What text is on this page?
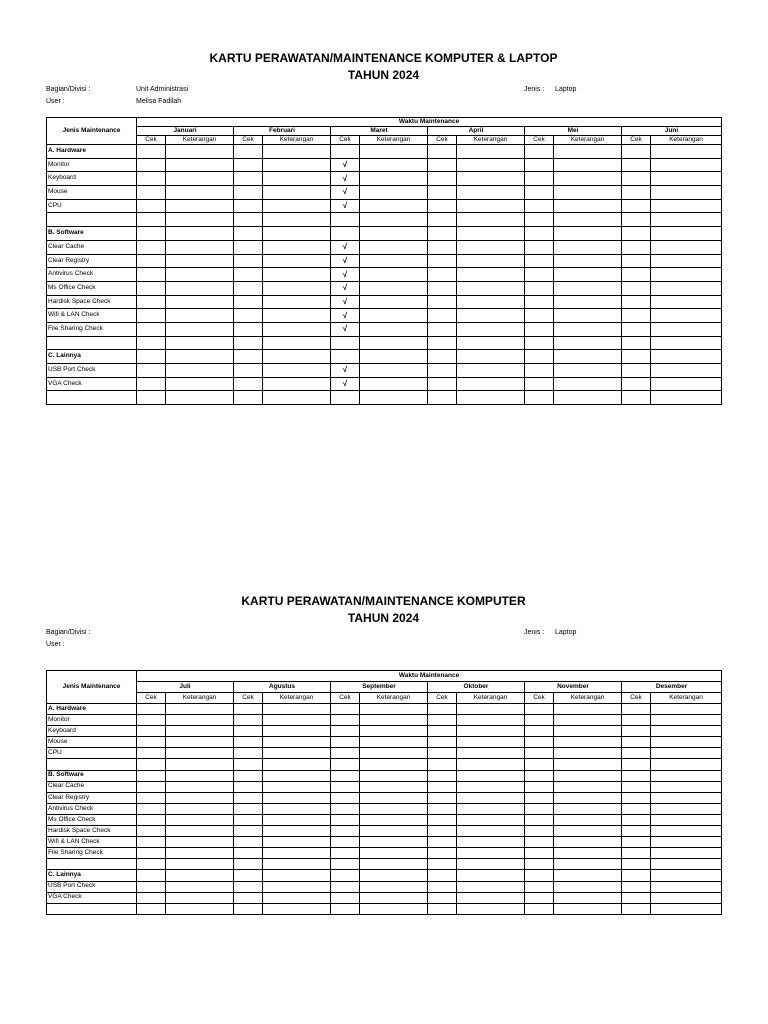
KARTU PERAWATAN/MAINTENANCE KOMPUTER & LAPTOP
TAHUN 2024
Bagian/Divisi :	Unit Administrasi	Jenis : Laptop
User :	Melisa Fadilah
Jenis Maintenance	Waktu Maintenance											
	Januari		Februari		Maret		April		Mei		Juni	
	Cek	Keterangan	Cek	Keterangan	Cek	Keterangan	Cek	Keterangan	Cek	Keterangan	Cek	Keterangan
A. Hardware												
Monitor					√							
Keyboard					√							
Mouse					√							
CPU					√							

B. Software												
Clear Cache					√							
Clear Registry					√							
Antivirus Check					√							
Ms Office Check					√							
Hardisk Space Check					√							
Wifi & LAN Check					√							
File Sharing Check					√							

C. Lainnya												
USB Port Check					√							
VGA Check					√							

KARTU PERAWATAN/MAINTENANCE KOMPUTER
TAHUN 2024
Bagian/Divisi :	Jenis : Laptop
User :
Jenis Maintenance	Waktu Maintenance											
	Juli		Agustus		September		Oktober		November		Desember	
	Cek	Keterangan	Cek	Keterangan	Cek	Keterangan	Cek	Keterangan	Cek	Keterangan	Cek	Keterangan
A. Hardware												
Monitor												
Keyboard												
Mouse												
CPU												

B. Software												
Clear Cache												
Clear Registry												
Antivirus Check												
Ms Office Check												
Hardisk Space Check												
Wifi & LAN Check												
File Sharing Check												

C. Lainnya												
USB Port Check												
VGA Check												
